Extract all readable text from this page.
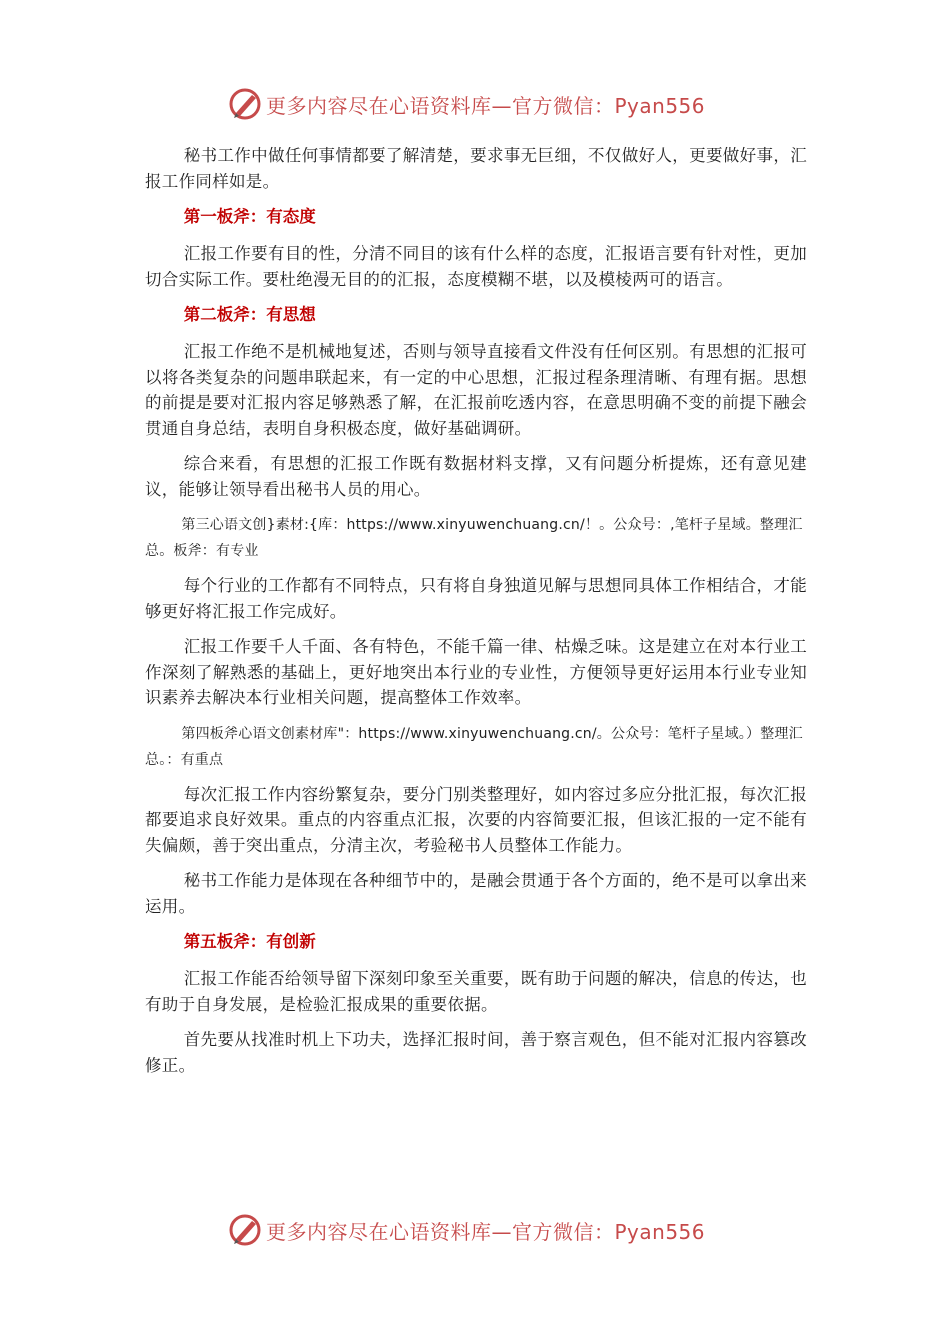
更多内容尽在心语资料库—官方微信：Pyan556

秘书工作中做任何事情都要了解清楚，要求事无巨细，不仅做好人，更要做好事，汇报工作同样如是。

第一板斧：有态度

汇报工作要有目的性，分清不同目的该有什么样的态度，汇报语言要有针对性，更加切合实际工作。要杜绝漫无目的的汇报，态度模糊不堪，以及模棱两可的语言。

第二板斧：有思想

汇报工作绝不是机械地复述，否则与领导直接看文件没有任何区别。有思想的汇报可以将各类复杂的问题串联起来，有一定的中心思想，汇报过程条理清晰、有理有据。思想的前提是要对汇报内容足够熟悉了解，在汇报前吃透内容，在意思明确不变的前提下融会贯通自身总结，表明自身积极态度，做好基础调研。

综合来看，有思想的汇报工作既有数据材料支撑，又有问题分析提炼，还有意见建议，能够让领导看出秘书人员的用心。

第三心语文创}素材:{库：https://www.xinyuwenchuang.cn/！。公众号：,笔杆子星域。整理汇总。板斧：有专业

每个行业的工作都有不同特点，只有将自身独道见解与思想同具体工作相结合，才能够更好将汇报工作完成好。

汇报工作要千人千面、各有特色，不能千篇一律、枯燥乏味。这是建立在对本行业工作深刻了解熟悉的基础上，更好地突出本行业的专业性，方便领导更好运用本行业专业知识素养去解决本行业相关问题，提高整体工作效率。

第四板斧心语文创素材库"：https://www.xinyuwenchuang.cn/。公众号：笔杆子星域。）整理汇总。：有重点

每次汇报工作内容纷繁复杂，要分门别类整理好，如内容过多应分批汇报，每次汇报都要追求良好效果。重点的内容重点汇报，次要的内容简要汇报，但该汇报的一定不能有失偏颇，善于突出重点，分清主次，考验秘书人员整体工作能力。

秘书工作能力是体现在各种细节中的，是融会贯通于各个方面的，绝不是可以拿出来运用。

第五板斧：有创新

汇报工作能否给领导留下深刻印象至关重要，既有助于问题的解决，信息的传达，也有助于自身发展，是检验汇报成果的重要依据。

首先要从找准时机上下功夫，选择汇报时间，善于察言观色，但不能对汇报内容篡改修正。

更多内容尽在心语资料库—官方微信：Pyan556
